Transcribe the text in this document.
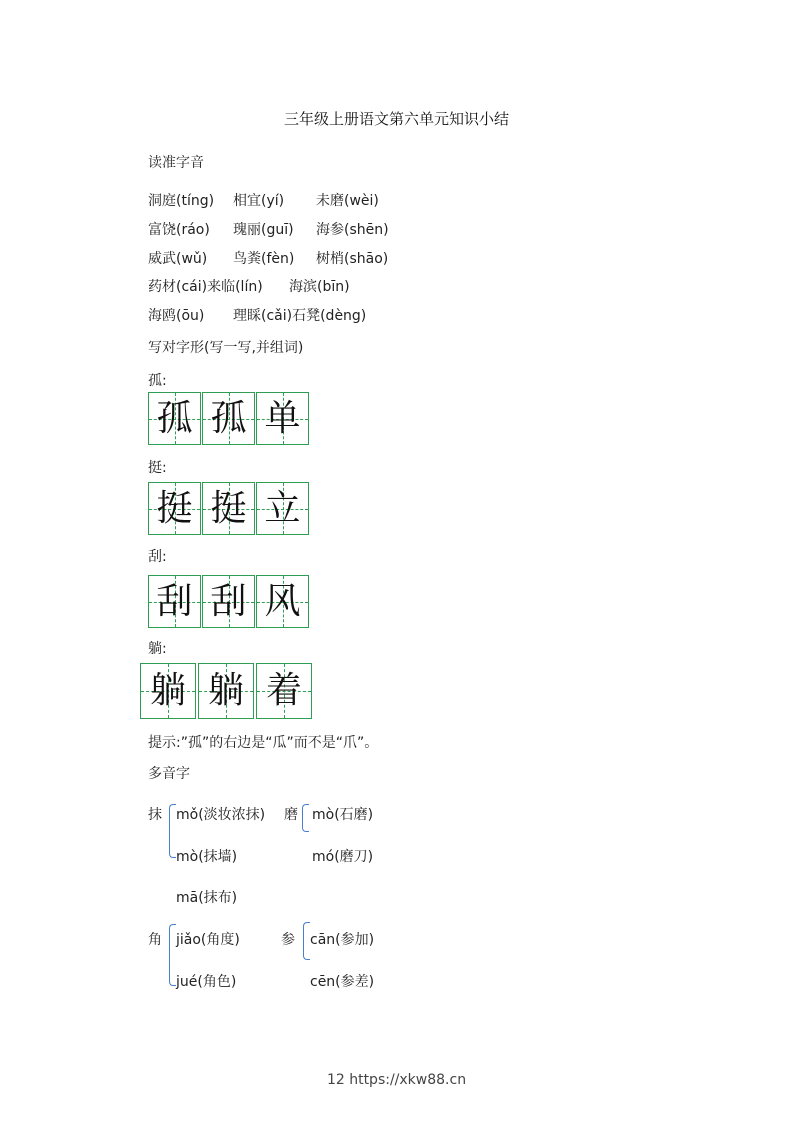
三年级上册语文第六单元知识小结
读准字音
洞庭(tíng) 相宜(yí) 未磨(wèi)
富饶(ráo) 瑰丽(guī) 海参(shēn)
威武(wǔ) 鸟粪(fèn) 树梢(shāo)
药材(cái)来临(lín) 海滨(bīn)
海鸥(ōu) 理睬(cǎi)石凳(dèng)
写对字形(写一写,并组词)
孤:
孤 孤 单
挺:
挺 挺 立
刮:
刮 刮 风
躺:
躺 躺 着
提示:”孤”的右边是“瓜”而不是“爪”。
多音字
抹 mǒ(淡妆浓抹)
mò(抹墙)
mā(抹布)
磨 mò(石磨)
mó(磨刀)
角 jiǎo(角度)
jué(角色)
参 cān(参加)
cēn(参差)
12 https://xkw88.cn
